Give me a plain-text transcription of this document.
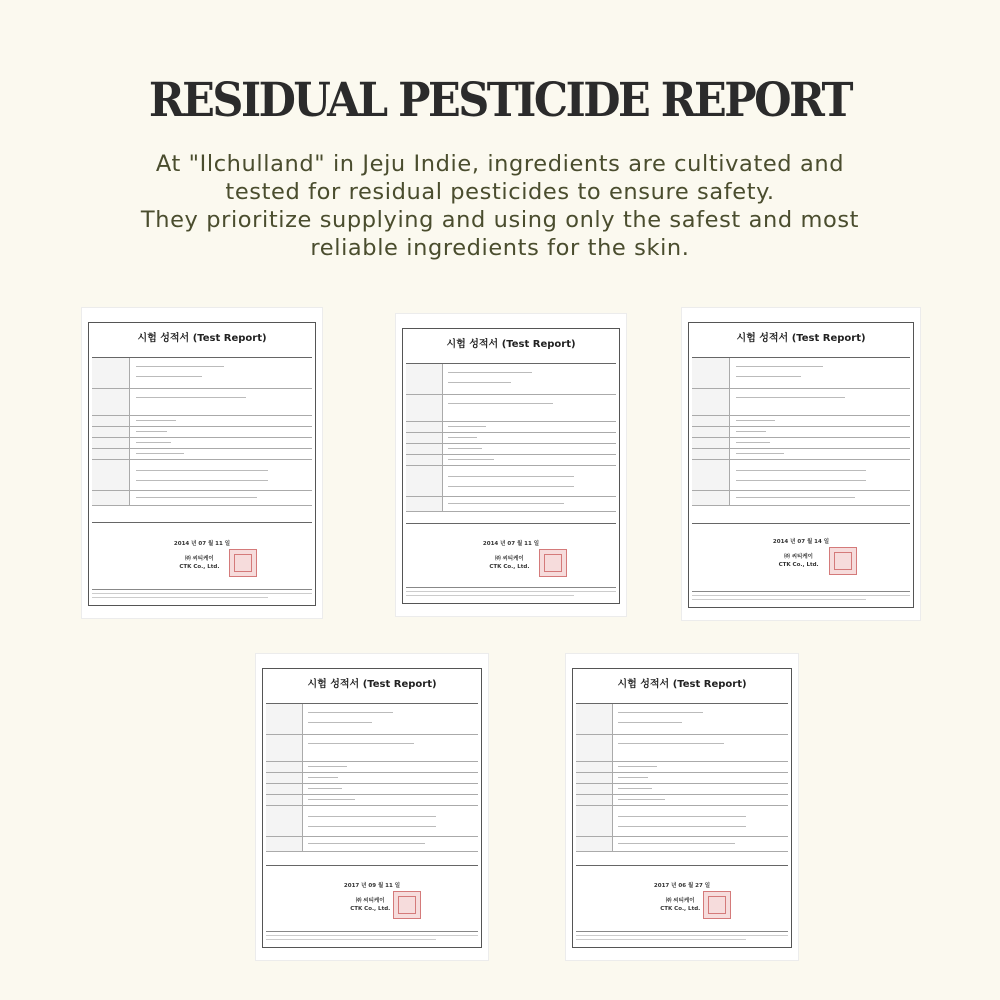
RESIDUAL PESTICIDE REPORT
At "Ilchulland" in Jeju Indie, ingredients are cultivated and
tested for residual pesticides to ensure safety.
They prioritize supplying and using only the safest and most
reliable ingredients for the skin.
시험 성적서 (Test Report)
2014 년 07 월 11 일
㈜ 씨티케이
CTK Co., Ltd.
시험 성적서 (Test Report)
2014 년 07 월 11 일
㈜ 씨티케이
CTK Co., Ltd.
시험 성적서 (Test Report)
2014 년 07 월 14 일
㈜ 씨티케이
CTK Co., Ltd.
시험 성적서 (Test Report)
2017 년 09 월 11 일
㈜ 씨티케이
CTK Co., Ltd.
시험 성적서 (Test Report)
2017 년 06 월 27 일
㈜ 씨티케이
CTK Co., Ltd.
